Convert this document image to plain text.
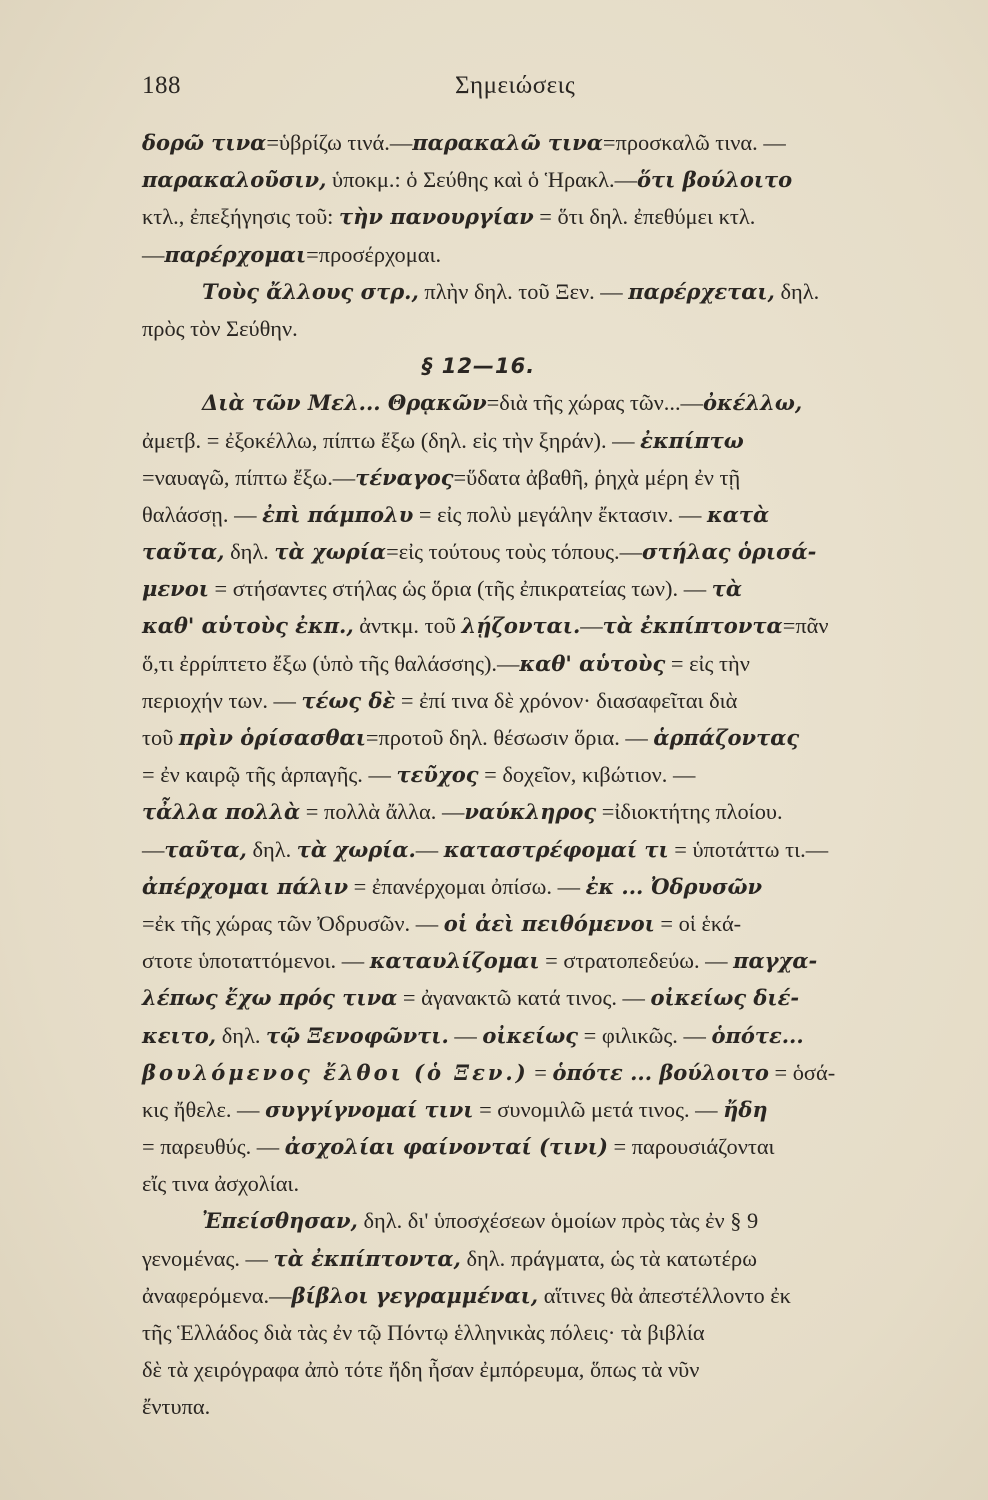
188	Σημειώσεις
δορῶ τινα=ὑβρίζω τινά.—παρακαλῶ τινα=προσκαλῶ τινα. —
παρακαλοῦσιν, ὑποκμ.: ὁ Σεύθης καὶ ὁ Ἡρακλ.—ὅτι βούλοιτο
κτλ., ἐπεξήγησις τοῦ: τὴν πανουργίαν = ὅτι δηλ. ἐπεθύμει κτλ.
—παρέρχομαι=προσέρχομαι.
Τοὺς ἄλλους στρ., πλὴν δηλ. τοῦ Ξεν. — παρέρχεται, δηλ.
πρὸς τὸν Σεύθην.
§ 12—16.
Διὰ τῶν Μελ... Θρᾳκῶν=διὰ τῆς χώρας τῶν...—ὀκέλλω,
ἀμετβ. = ἐξοκέλλω, πίπτω ἔξω (δηλ. εἰς τὴν ξηράν). — ἐκπίπτω
=ναυαγῶ, πίπτω ἔξω.—τέναγος=ὕδατα ἀβαθῆ, ῥηχὰ μέρη ἐν τῇ
θαλάσσῃ. — ἐπὶ πάμπολυ = εἰς πολὺ μεγάλην ἔκτασιν. — κατὰ
ταῦτα, δηλ. τὰ χωρία=εἰς τούτους τοὺς τόπους.—στήλας ὁρισά-
μενοι = στήσαντες στήλας ὡς ὅρια (τῆς ἐπικρατείας των). — τὰ
καθ' αὑτοὺς ἐκπ., ἀντκμ. τοῦ λῄζονται.—τὰ ἐκπίπτοντα=πᾶν
ὅ,τι ἐρρίπτετο ἔξω (ὑπὸ τῆς θαλάσσης).—καθ' αὑτοὺς = εἰς τὴν
περιοχήν των. — τέως δὲ = ἐπί τινα δὲ χρόνον· διασαφεῖται διὰ
τοῦ πρὶν ὁρίσασθαι=προτοῦ δηλ. θέσωσιν ὅρια. — ἁρπάζοντας
= ἐν καιρῷ τῆς ἁρπαγῆς. — τεῦχος = δοχεῖον, κιβώτιον. —
τἆλλα πολλὰ = πολλὰ ἄλλα. —ναύκληρος =ἰδιοκτήτης πλοίου.
—ταῦτα, δηλ. τὰ χωρία.— καταστρέφομαί τι = ὑποτάττω τι.—
ἀπέρχομαι πάλιν = ἐπανέρχομαι ὀπίσω. — ἐκ ... Ὀδρυσῶν
=ἐκ τῆς χώρας τῶν Ὀδρυσῶν. — οἱ ἀεὶ πειθόμενοι = οἱ ἑκά-
στοτε ὑποταττόμενοι. — καταυλίζομαι = στρατοπεδεύω. — παγχα-
λέπως ἔχω πρός τινα = ἀγανακτῶ κατά τινος. — οἰκείως διέ-
κειτο, δηλ. τῷ Ξενοφῶντι. — οἰκείως = φιλικῶς. — ὁπότε...
βουλόμενος ἔλθοι (ὁ Ξεν.) = ὁπότε ... βούλοιτο = ὁσά-
κις ἤθελε. — συγγίγνομαί τινι = συνομιλῶ μετά τινος. — ἤδη
= παρευθύς. — ἀσχολίαι φαίνονταί (τινι) = παρουσιάζονται
εἴς τινα ἀσχολίαι.
Ἐπείσθησαν, δηλ. δι' ὑποσχέσεων ὁμοίων πρὸς τὰς ἐν § 9
γενομένας. — τὰ ἐκπίπτοντα, δηλ. πράγματα, ὡς τὰ κατωτέρω
ἀναφερόμενα.—βίβλοι γεγραμμέναι, αἵτινες θὰ ἀπεστέλλοντο ἐκ
τῆς Ἑλλάδος διὰ τὰς ἐν τῷ Πόντῳ ἑλληνικὰς πόλεις· τὰ βιβλία
δὲ τὰ χειρόγραφα ἀπὸ τότε ἤδη ἦσαν ἐμπόρευμα, ὅπως τὰ νῦν
ἔντυπα.
